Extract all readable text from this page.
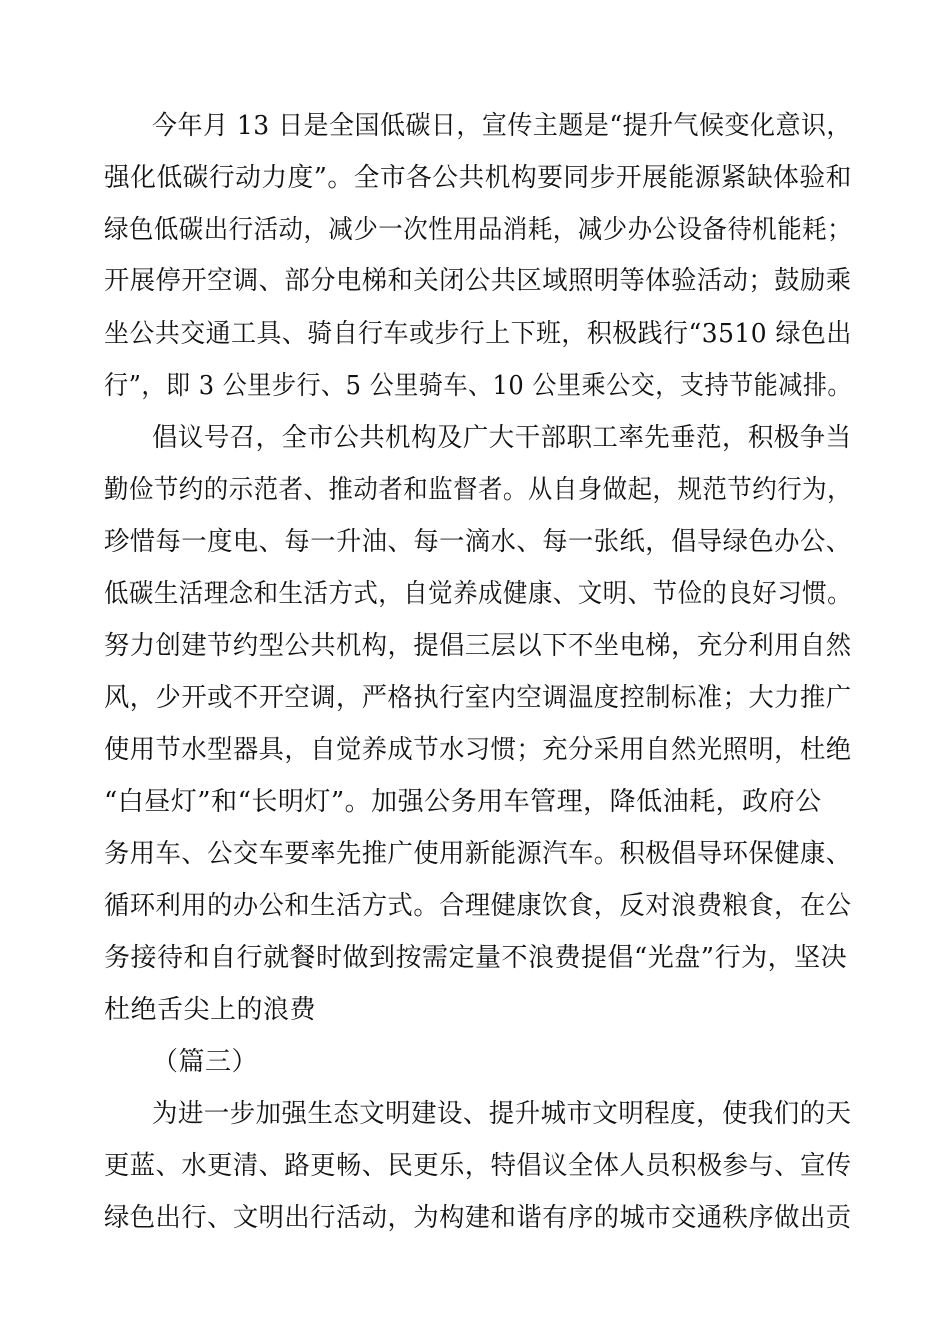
今年月 13 日是全国低碳日，宣传主题是“提升气候变化意识，
强化低碳行动力度”。全市各公共机构要同步开展能源紧缺体验和
绿色低碳出行活动，减少一次性用品消耗，减少办公设备待机能耗；
开展停开空调、部分电梯和关闭公共区域照明等体验活动；鼓励乘
坐公共交通工具、骑自行车或步行上下班，积极践行“3510 绿色出
行”，即 3 公里步行、5 公里骑车、10 公里乘公交，支持节能减排。
倡议号召，全市公共机构及广大干部职工率先垂范，积极争当
勤俭节约的示范者、推动者和监督者。从自身做起，规范节约行为，
珍惜每一度电、每一升油、每一滴水、每一张纸，倡导绿色办公、
低碳生活理念和生活方式，自觉养成健康、文明、节俭的良好习惯。
努力创建节约型公共机构，提倡三层以下不坐电梯，充分利用自然
风，少开或不开空调，严格执行室内空调温度控制标准；大力推广
使用节水型器具，自觉养成节水习惯；充分采用自然光照明，杜绝
“白昼灯”和“长明灯”。加强公务用车管理，降低油耗，政府公
务用车、公交车要率先推广使用新能源汽车。积极倡导环保健康、
循环利用的办公和生活方式。合理健康饮食，反对浪费粮食，在公
务接待和自行就餐时做到按需定量不浪费提倡“光盘”行为，坚决
杜绝舌尖上的浪费
（篇三）
为进一步加强生态文明建设、提升城市文明程度，使我们的天
更蓝、水更清、路更畅、民更乐，特倡议全体人员积极参与、宣传
绿色出行、文明出行活动，为构建和谐有序的城市交通秩序做出贡
